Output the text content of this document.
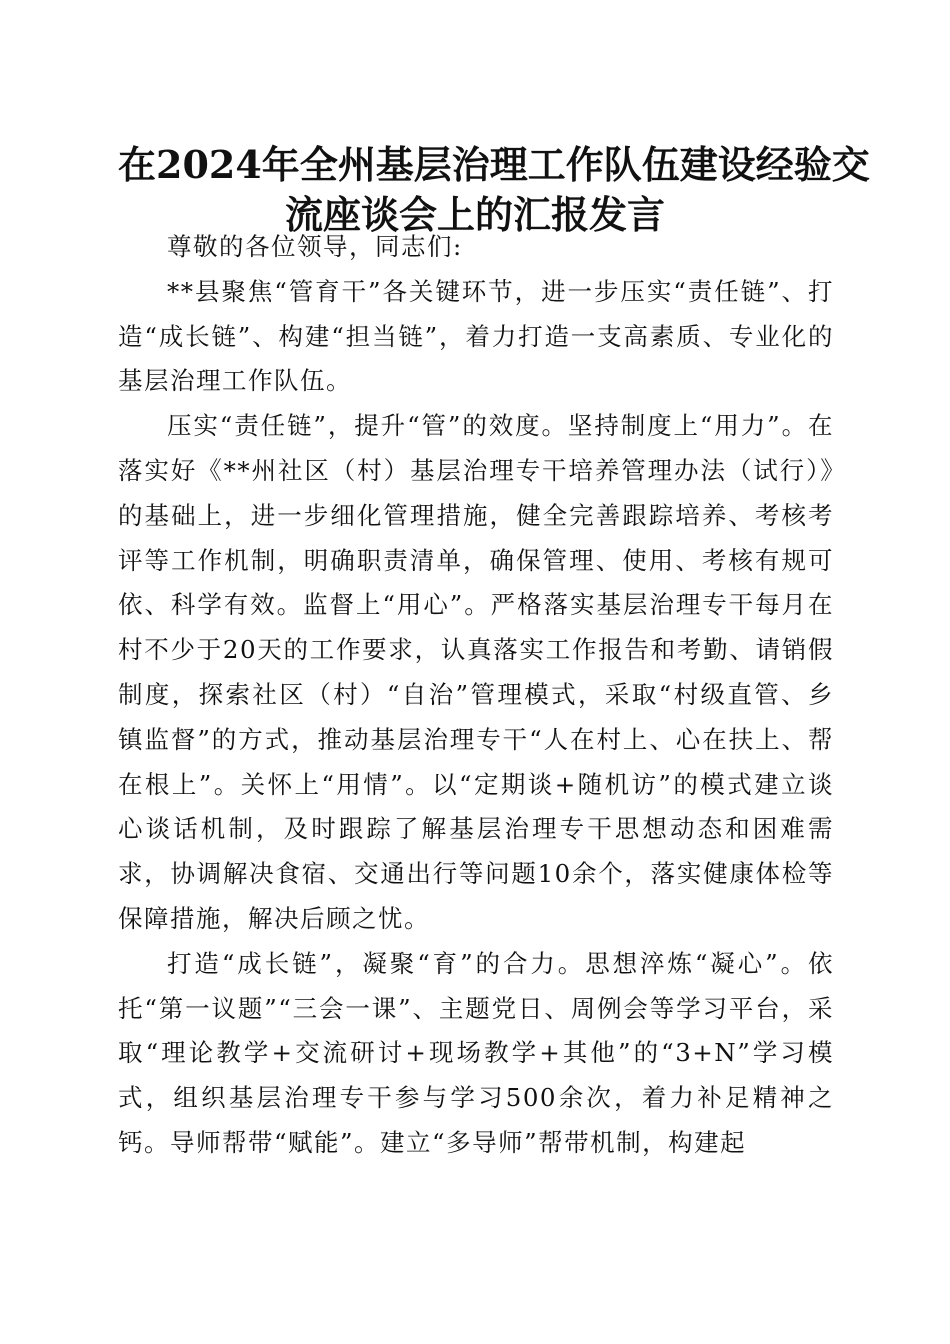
在2024年全州基层治理工作队伍建设经验交
流座谈会上的汇报发言

尊敬的各位领导，同志们:

**县聚焦“管育干”各关键环节，进一步压实“责任链”、打造“成长链”、构建“担当链”，着力打造一支高素质、专业化的基层治理工作队伍。

压实“责任链”，提升“管”的效度。坚持制度上“用力”。在落实好《**州社区（村）基层治理专干培养管理办法（试行）》的基础上，进一步细化管理措施，健全完善跟踪培养、考核考评等工作机制，明确职责清单，确保管理、使用、考核有规可依、科学有效。监督上“用心”。严格落实基层治理专干每月在村不少于20天的工作要求，认真落实工作报告和考勤、请销假制度，探索社区（村）“自治”管理模式，采取“村级直管、乡镇监督”的方式，推动基层治理专干“人在村上、心在扶上、帮在根上”。关怀上“用情”。以“定期谈+随机访”的模式建立谈心谈话机制，及时跟踪了解基层治理专干思想动态和困难需求，协调解决食宿、交通出行等问题10余个，落实健康体检等保障措施，解决后顾之忧。

打造“成长链”，凝聚“育”的合力。思想淬炼“凝心”。依托“第一议题”“三会一课”、主题党日、周例会等学习平台，采取“理论教学+交流研讨+现场教学+其他”的“3+N”学习模式，组织基层治理专干参与学习500余次，着力补足精神之钙。导师帮带“赋能”。建立“多导师”帮带机制，构建起
